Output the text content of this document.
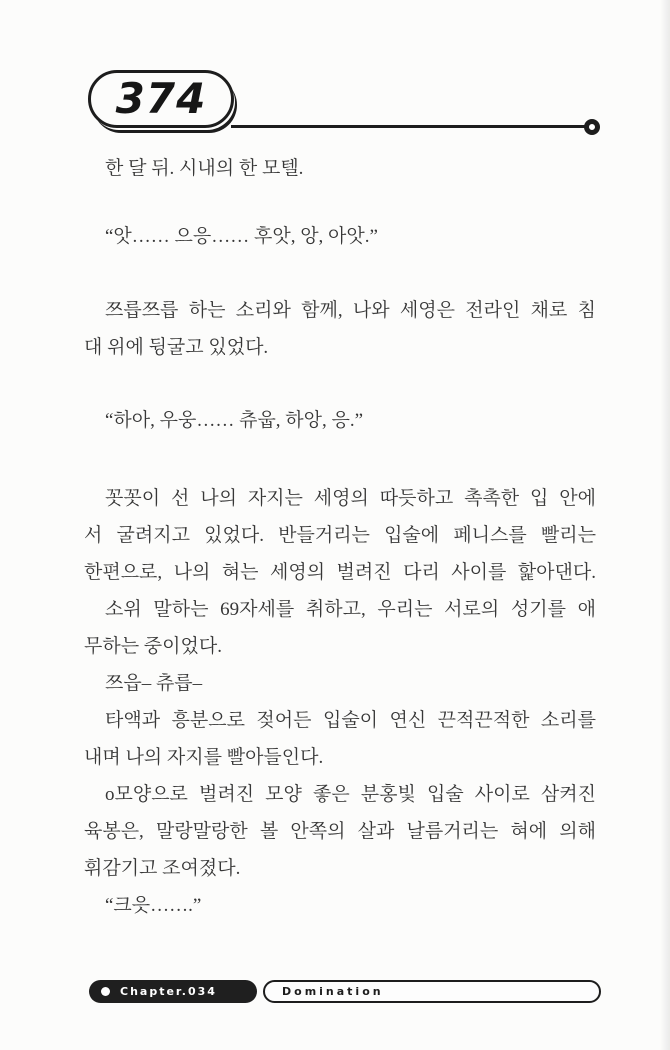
374

한 달 뒤. 시내의 한 모텔.

“앗…… 으응…… 후앗, 앙, 아앗.”

쯔릅쯔릅 하는 소리와 함께, 나와 세영은 전라인 채로 침
대 위에 뒹굴고 있었다.

“하아, 우웅…… 츄웁, 하앙, 응.”

꼿꼿이 선 나의 자지는 세영의 따듯하고 촉촉한 입 안에
서 굴려지고 있었다. 반들거리는 입술에 페니스를 빨리는
한편으로, 나의 혀는 세영의 벌려진 다리 사이를 핥아댄다.

소위 말하는 69자세를 취하고, 우리는 서로의 성기를 애
무하는 중이었다.

쯔읍– 츄릅–

타액과 흥분으로 젖어든 입술이 연신 끈적끈적한 소리를
내며 나의 자지를 빨아들인다.

o모양으로 벌려진 모양 좋은 분홍빛 입술 사이로 삼켜진
육봉은, 말랑말랑한 볼 안쪽의 살과 날름거리는 혀에 의해
휘감기고 조여졌다.

“크읏…….”

Chapter.034	Domination
